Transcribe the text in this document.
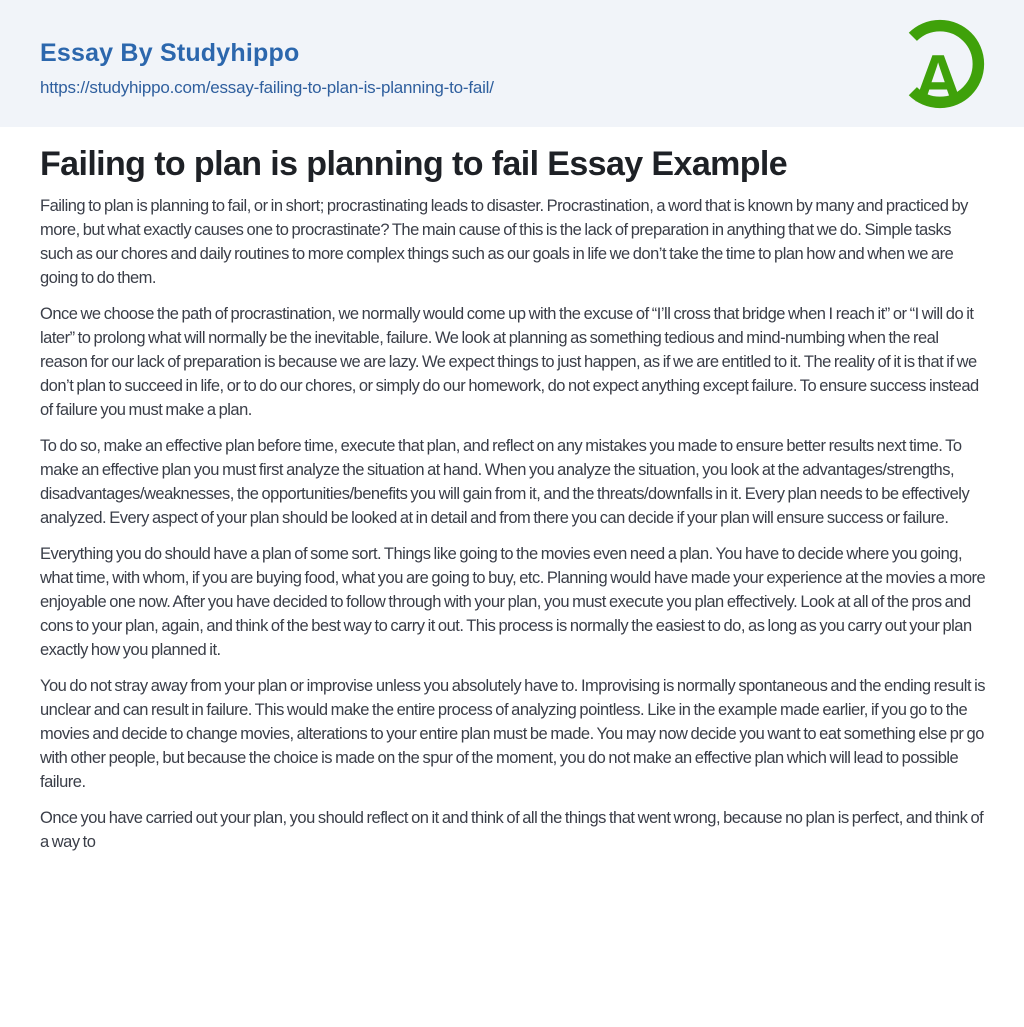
Essay By Studyhippo
https://studyhippo.com/essay-failing-to-plan-is-planning-to-fail/	A
Failing to plan is planning to fail Essay Example

Failing to plan is planning to fail, or in short; procrastinating leads to disaster. Procrastination, a word that is known by many and practiced by more, but what exactly causes one to procrastinate? The main cause of this is the lack of preparation in anything that we do. Simple tasks such as our chores and daily routines to more complex things such as our goals in life we don’t take the time to plan how and when we are going to do them.

Once we choose the path of procrastination, we normally would come up with the excuse of “I’ll cross that bridge when I reach it” or “I will do it later” to prolong what will normally be the inevitable, failure. We look at planning as something tedious and mind-numbing when the real reason for our lack of preparation is because we are lazy. We expect things to just happen, as if we are entitled to it. The reality of it is that if we don’t plan to succeed in life, or to do our chores, or simply do our homework, do not expect anything except failure. To ensure success instead of failure you must make a plan.

To do so, make an effective plan before time, execute that plan, and reflect on any mistakes you made to ensure better results next time. To make an effective plan you must first analyze the situation at hand. When you analyze the situation, you look at the advantages/strengths, disadvantages/weaknesses, the opportunities/benefits you will gain from it, and the threats/downfalls in it. Every plan needs to be effectively analyzed. Every aspect of your plan should be looked at in detail and from there you can decide if your plan will ensure success or failure.

Everything you do should have a plan of some sort. Things like going to the movies even need a plan. You have to decide where you going, what time, with whom, if you are buying food, what you are going to buy, etc. Planning would have made your experience at the movies a more enjoyable one now. After you have decided to follow through with your plan, you must execute you plan effectively. Look at all of the pros and cons to your plan, again, and think of the best way to carry it out. This process is normally the easiest to do, as long as you carry out your plan exactly how you planned it.

You do not stray away from your plan or improvise unless you absolutely have to. Improvising is normally spontaneous and the ending result is unclear and can result in failure. This would make the entire process of analyzing pointless. Like in the example made earlier, if you go to the movies and decide to change movies, alterations to your entire plan must be made. You may now decide you want to eat something else pr go with other people, but because the choice is made on the spur of the moment, you do not make an effective plan which will lead to possible failure.

Once you have carried out your plan, you should reflect on it and think of all the things that went wrong, because no plan is perfect, and think of a way to
